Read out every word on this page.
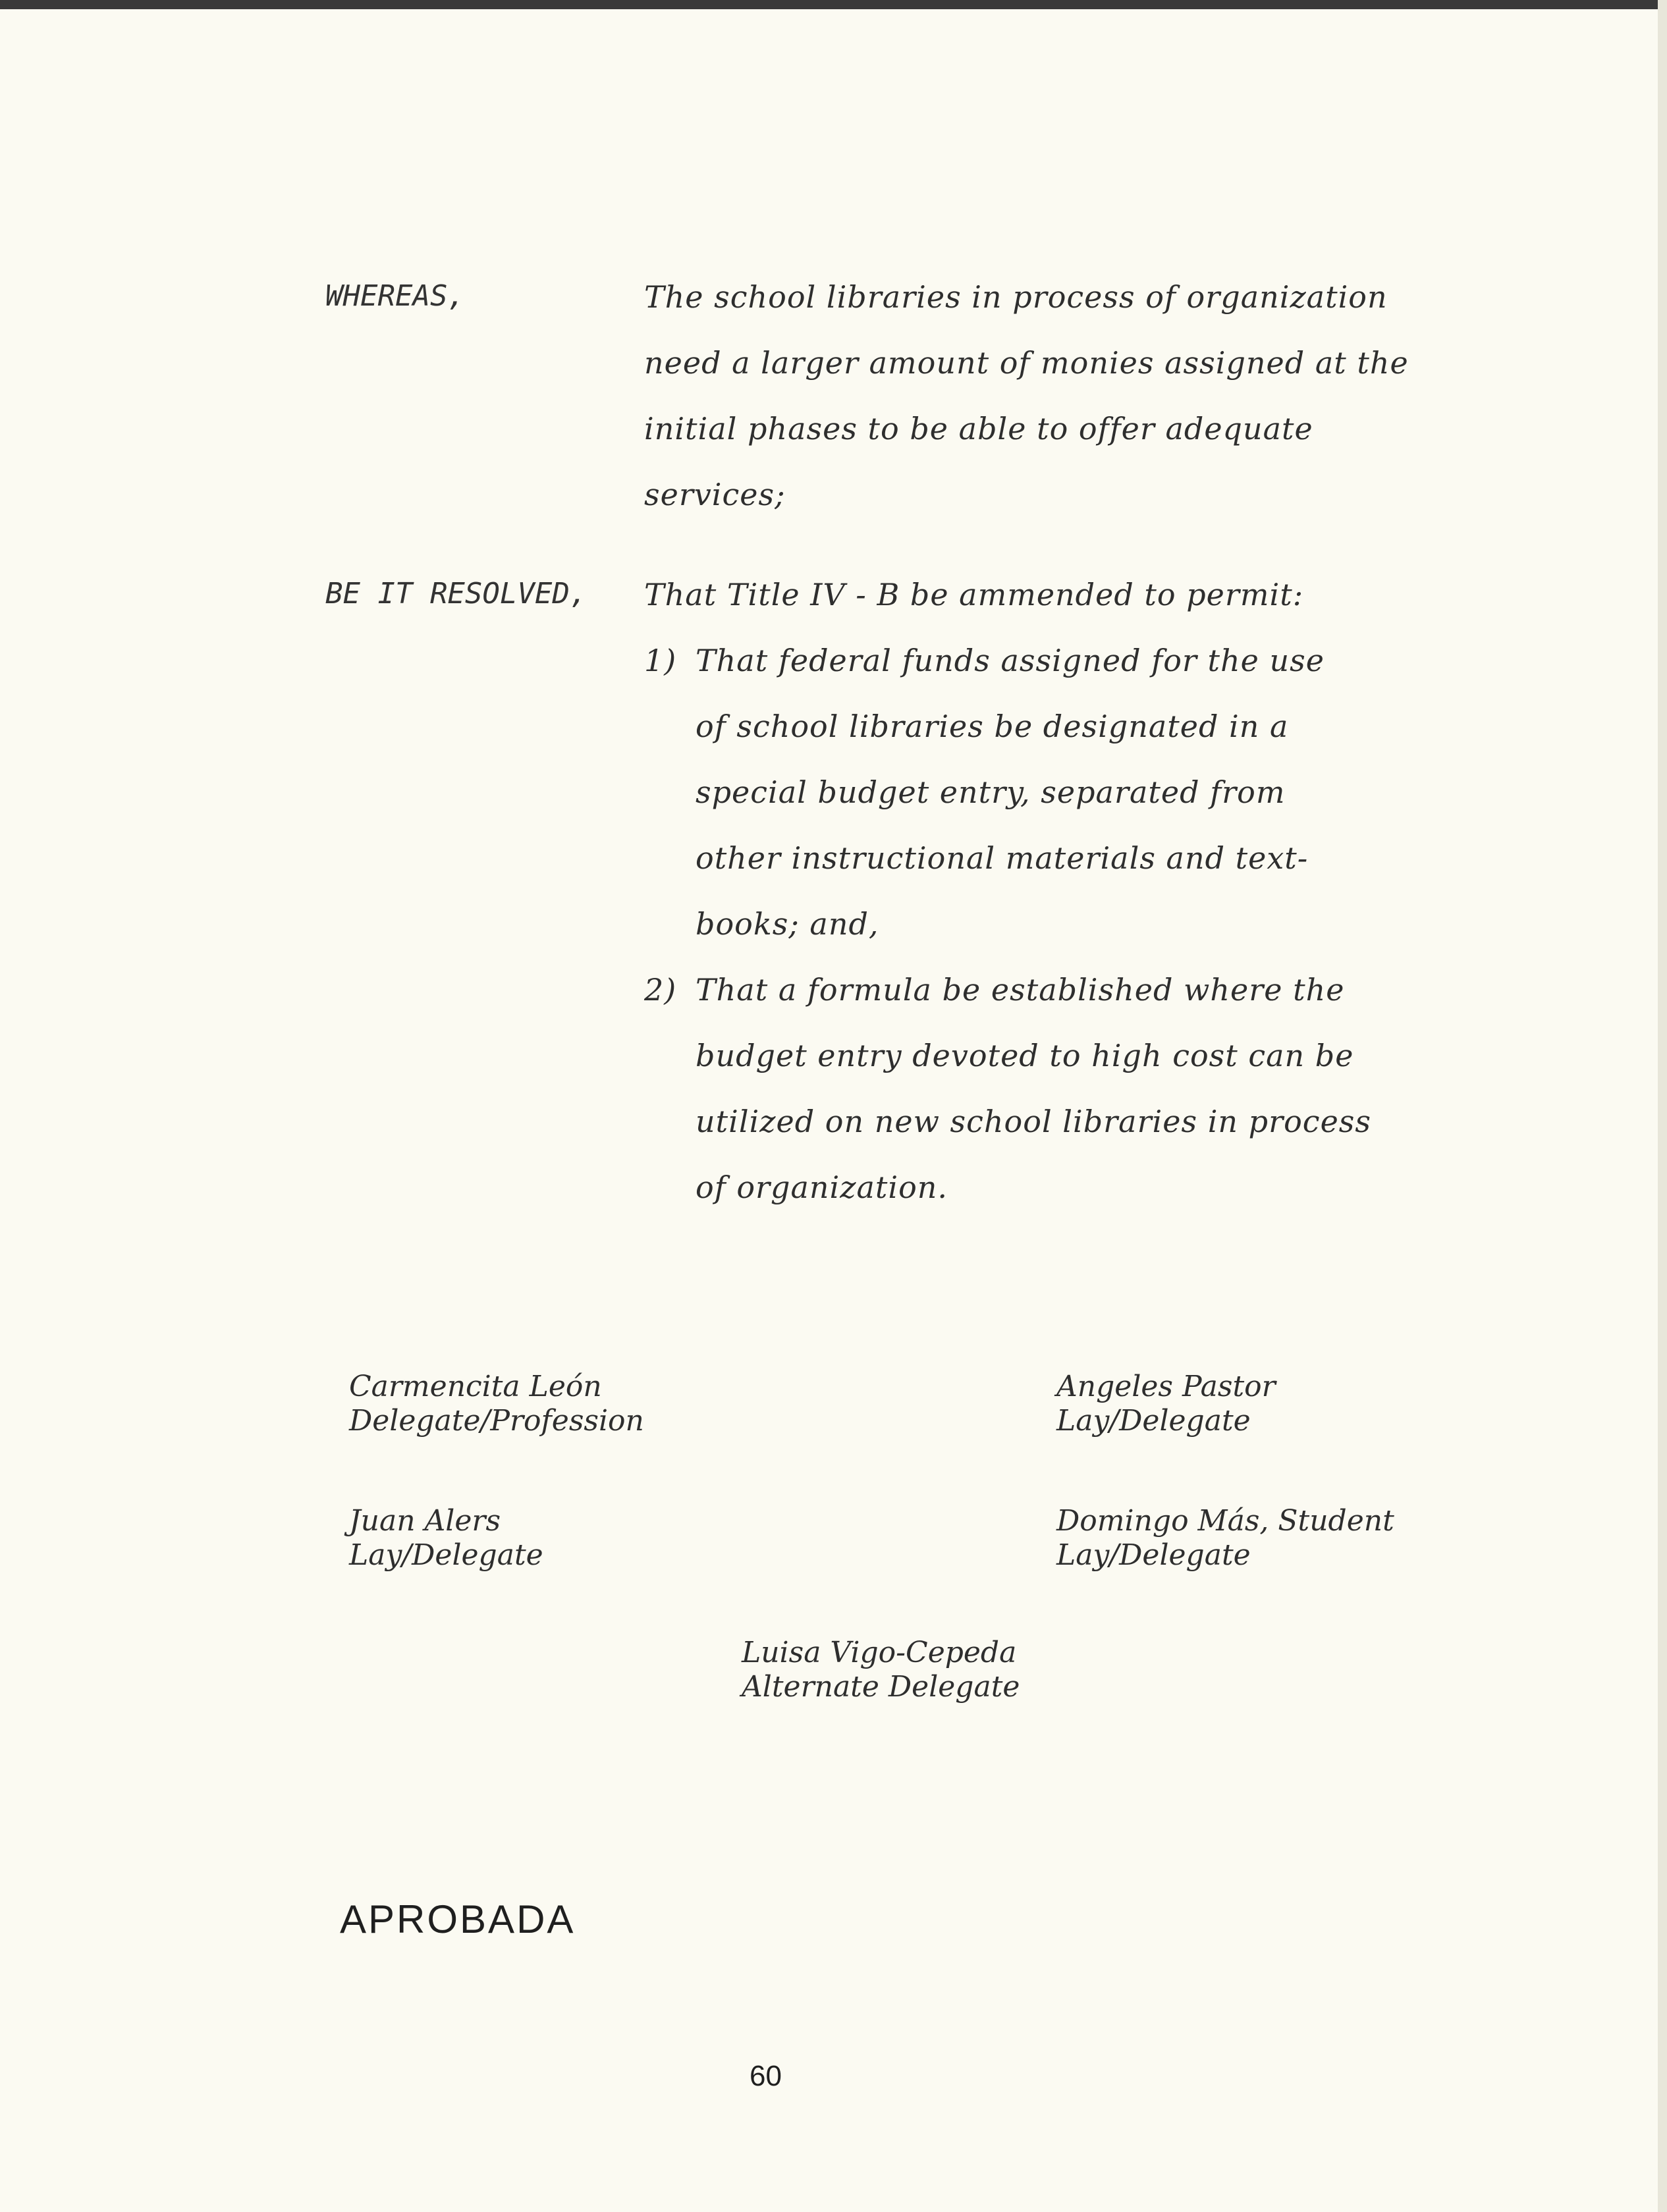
WHEREAS,	The school libraries in process of organization
need a larger amount of monies assigned at the
initial phases to be able to offer adequate
services;
BE IT RESOLVED, That Title IV - B be ammended to permit:
1) That federal funds assigned for the use
of school libraries be designated in a
special budget entry, separated from
other instructional materials and text-
books; and,
2) That a formula be established where the
budget entry devoted to high cost can be
utilized on new school libraries in process
of organization.
Carmencita León
Delegate/Profession
Angeles Pastor
Lay/Delegate
Juan Alers
Lay/Delegate
Domingo Más, Student
Lay/Delegate
Luisa Vigo-Cepeda
Alternate Delegate
APROBADA
60
